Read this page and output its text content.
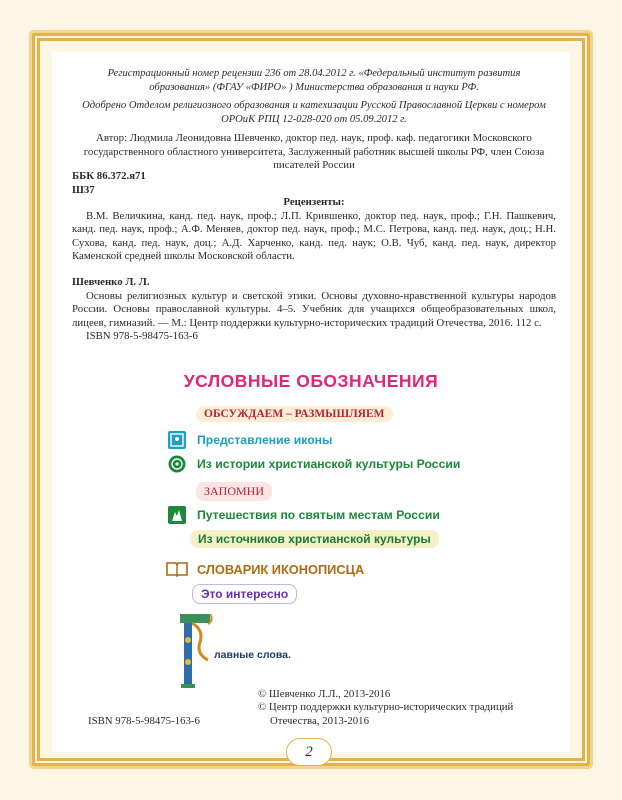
Регистрационный номер рецензии 236 от 28.04.2012 г. «Федеральный институт развития образования» (ФГАУ «ФИРО» ) Министерства образования и науки РФ.

Одобрено Отделом религиозного образования и катехизации Русской Православной Церкви с номером ОРОиК РПЦ 12-028-020 от 05.09.2012 г.

Автор: Людмила Леонидовна Шевченко, доктор пед. наук, проф. каф. педагогики Московского государственного областного университета, Заслуженный работник высшей школы РФ, член Союза писателей России
ББК 86.372.я71
Ш37
Рецензенты:
В.М. Величкина, канд. пед. наук, проф.; Л.П. Крившенко, доктор пед. наук, проф.; Г.Н. Пашкевич, канд. пед. наук, проф.; А.Ф. Меняев, доктор пед. наук, проф.; М.С. Петрова, канд. пед. наук, доц.; Н.Н. Сухова, канд. пед. наук, доц.; А.Д. Харченко, канд. пед. наук; О.В. Чуб, канд. пед. наук, директор Каменской средней школы Московской области.
Шевченко Л. Л.
Основы религиозных культур и светской этики. Основы духовно-нравственной культуры народов России. Основы православной культуры. 4–5. Учебник для учащихся общеобразовательных школ, лицеев, гимназий. — М.: Центр поддержки культурно-исторических традиций Отечества, 2016. 112 с.
ISBN 978-5-98475-163-6
УСЛОВНЫЕ ОБОЗНАЧЕНИЯ
ОБСУЖДАЕМ – РАЗМЫШЛЯЕМ
Представление иконы
Из истории христианской культуры России
ЗАПОМНИ
Путешествия по святым местам России
Из источников христианской культуры
СЛОВАРИК ИКОНОПИСЦА
Это интересно
лавные слова.
© Шевченко Л.Л., 2013-2016
© Центр поддержки культурно-исторических традиций Отечества, 2013-2016
ISBN 978-5-98475-163-6
2
